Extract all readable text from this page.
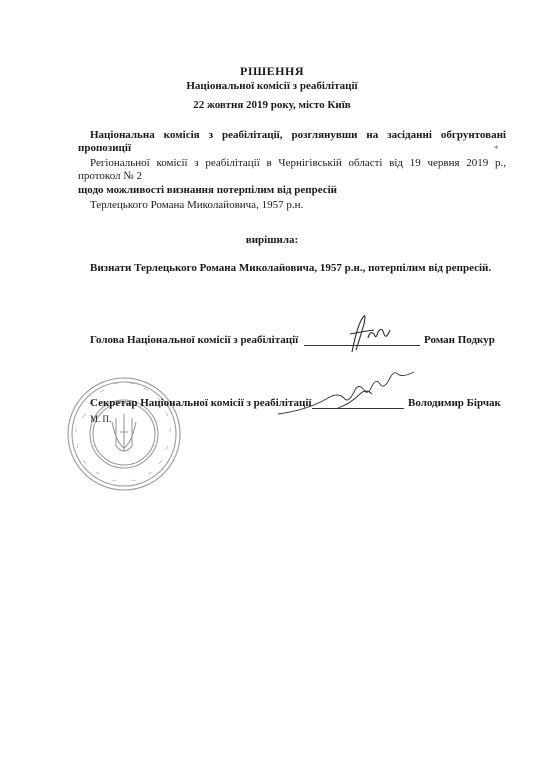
РІШЕННЯ
Національної комісії з реабілітації
22 жовтня 2019 року, місто Київ
Національна комісія з реабілітації, розглянувши на засіданні обгрунтовані
пропозиції	*
Регіональної комісії з реабілітації в Чернігівській області від 19 червня 2019 р.,
протокол № 2
щодо можливості визнання потерпілим від репресій
Терлецького Романа Миколайовича, 1957 р.н.
вирішила:
Визнати Терлецького Романа Миколайовича, 1957 р.н., потерпілим від репресій.
Голова Національної комісії з реабілітації	Роман Подкур
Секретар Національної комісії з реабілітації	Володимир Бірчак
М. П.
